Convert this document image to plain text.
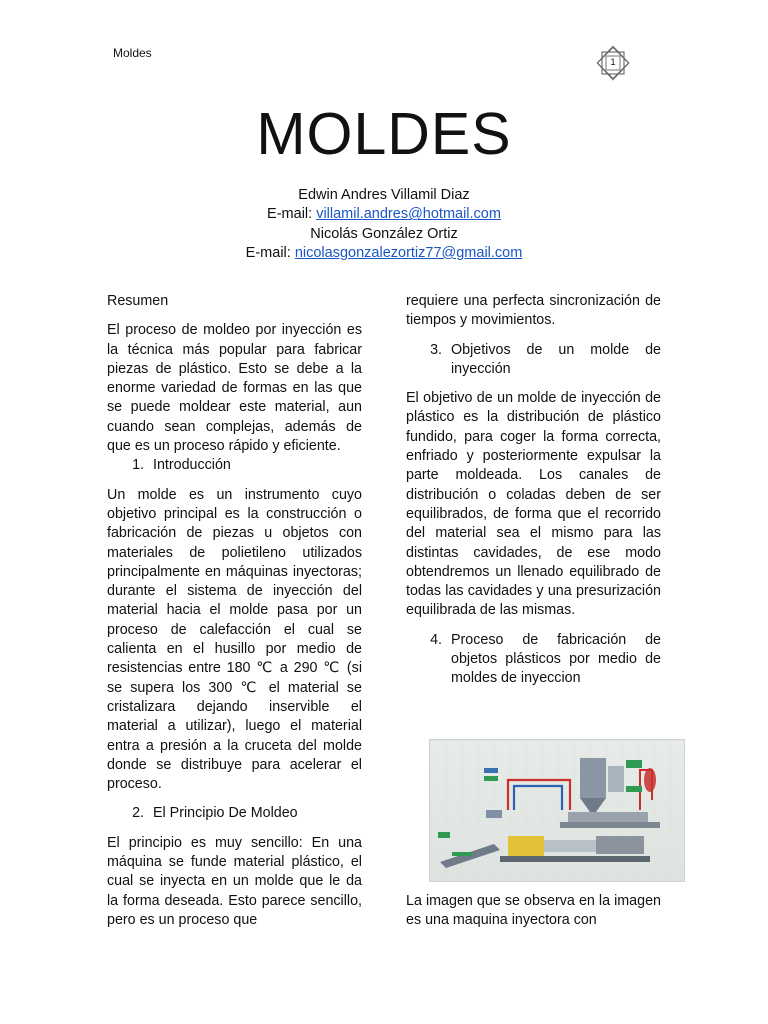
Moldes
1
MOLDES
Edwin Andres Villamil Diaz
E-mail: villamil.andres@hotmail.com
Nicolás González Ortiz
E-mail: nicolasgonzalezortiz77@gmail.com

Resumen

El proceso de moldeo por inyección es la técnica más popular para fabricar piezas de plástico. Esto se debe a la enorme variedad de formas en las que se puede moldear este material, aun cuando sean complejas, además de que es un proceso rápido y eficiente.

1. Introducción

Un molde es un instrumento cuyo objetivo principal es la construcción o fabricación de piezas u objetos con materiales de polietileno utilizados principalmente en máquinas inyectoras; durante el sistema de inyección del material hacia el molde pasa por un proceso de calefacción el cual se calienta en el husillo por medio de resistencias entre 180 ℃ a 290 ℃ (si se supera los 300 ℃ el material se cristalizara dejando inservible el material a utilizar), luego el material entra a presión a la cruceta del molde donde se distribuye para acelerar el proceso.

2. El Principio De Moldeo

El principio es muy sencillo: En una máquina se funde material plástico, el cual se inyecta en un molde que le da la forma deseada. Esto parece sencillo, pero es un proceso que

requiere una perfecta sincronización de tiempos y movimientos.

3. Objetivos de un molde de inyección

El objetivo de un molde de inyección de plástico es la distribución de plástico fundido, para coger la forma correcta, enfriado y posteriormente expulsar la parte moldeada. Los canales de distribución o coladas deben de ser equilibrados, de forma que el recorrido del material sea el mismo para las distintas cavidades, de ese modo obtendremos un llenado equilibrado de todas las cavidades y una presurización equilibrada de las mismas.

4. Proceso de fabricación de objetos plásticos por medio de moldes de inyeccion

La imagen que se observa en la imagen es una maquina inyectora con
